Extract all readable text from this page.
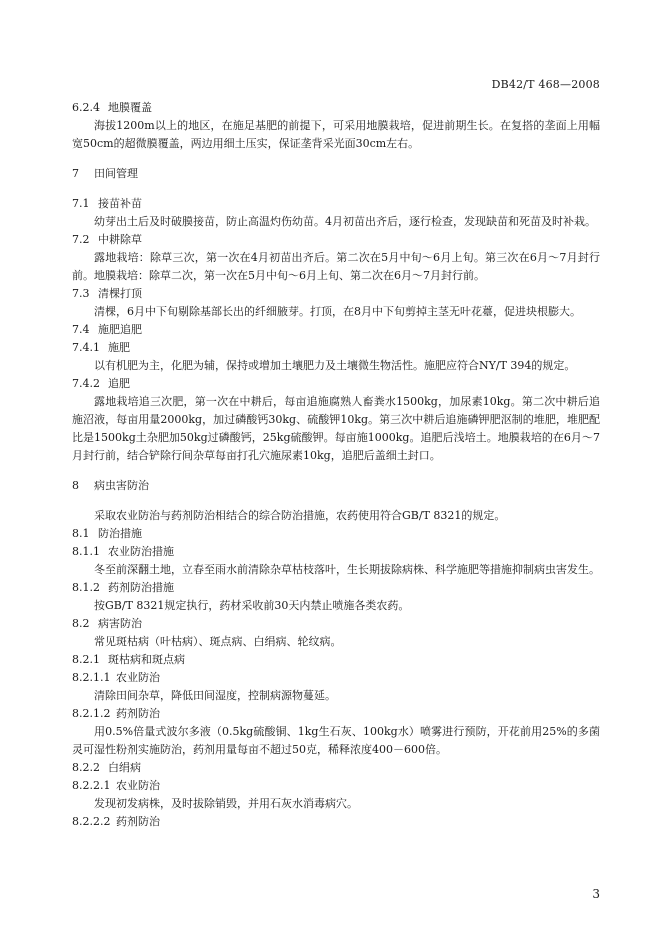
DB42/T 468—2008
6.2.4 地膜覆盖
海拔1200m以上的地区，在施足基肥的前提下，可采用地膜栽培，促进前期生长。在复搭的垄面上用幅宽50cm的超微膜覆盖，两边用细土压实，保证垄背采光面30cm左右。
7 田间管理
7.1 接苗补苗
幼芽出土后及时破膜接苗，防止高温灼伤幼苗。4月初苗出齐后，逐行检查，发现缺苗和死苗及时补栽。
7.2 中耕除草
露地栽培：除草三次，第一次在4月初苗出齐后。第二次在5月中旬～6月上旬。第三次在6月～7月封行前。地膜栽培：除草二次，第一次在5月中旬～6月上旬、第二次在6月～7月封行前。
7.3 清棵打顶
清棵，6月中下旬剔除基部长出的纤细腋芽。打顶，在8月中下旬剪掉主茎无叶花薹，促进块根膨大。
7.4 施肥追肥
7.4.1 施肥
以有机肥为主，化肥为辅，保持或增加土壤肥力及土壤微生物活性。施肥应符合NY/T 394的规定。
7.4.2 追肥
露地栽培追三次肥，第一次在中耕后，每亩追施腐熟人畜粪水1500kg，加尿素10kg。第二次中耕后追施沼液，每亩用量2000kg，加过磷酸钙30kg、硫酸钾10kg。第三次中耕后追施磷钾肥沤制的堆肥，堆肥配比是1500kg土杂肥加50kg过磷酸钙，25kg硫酸钾。每亩施1000kg。追肥后浅培土。地膜栽培的在6月～7月封行前，结合铲除行间杂草每亩打孔穴施尿素10kg，追肥后盖细土封口。
8 病虫害防治
采取农业防治与药剂防治相结合的综合防治措施，农药使用符合GB/T 8321的规定。
8.1 防治措施
8.1.1 农业防治措施
冬至前深翻土地，立春至雨水前清除杂草枯枝落叶，生长期拔除病株、科学施肥等措施抑制病虫害发生。
8.1.2 药剂防治措施
按GB/T 8321规定执行，药材采收前30天内禁止喷施各类农药。
8.2 病害防治
常见斑枯病（叶枯病）、斑点病、白绢病、轮纹病。
8.2.1 斑枯病和斑点病
8.2.1.1 农业防治
清除田间杂草，降低田间湿度，控制病源物蔓延。
8.2.1.2 药剂防治
用0.5%倍量式波尔多液（0.5kg硫酸铜、1kg生石灰、100kg水）喷雾进行预防，开花前用25%的多菌灵可湿性粉剂实施防治，药剂用量每亩不超过50克，稀释浓度400－600倍。
8.2.2 白绢病
8.2.2.1 农业防治
发现初发病株，及时拔除销毁，并用石灰水消毒病穴。
8.2.2.2 药剂防治
3
